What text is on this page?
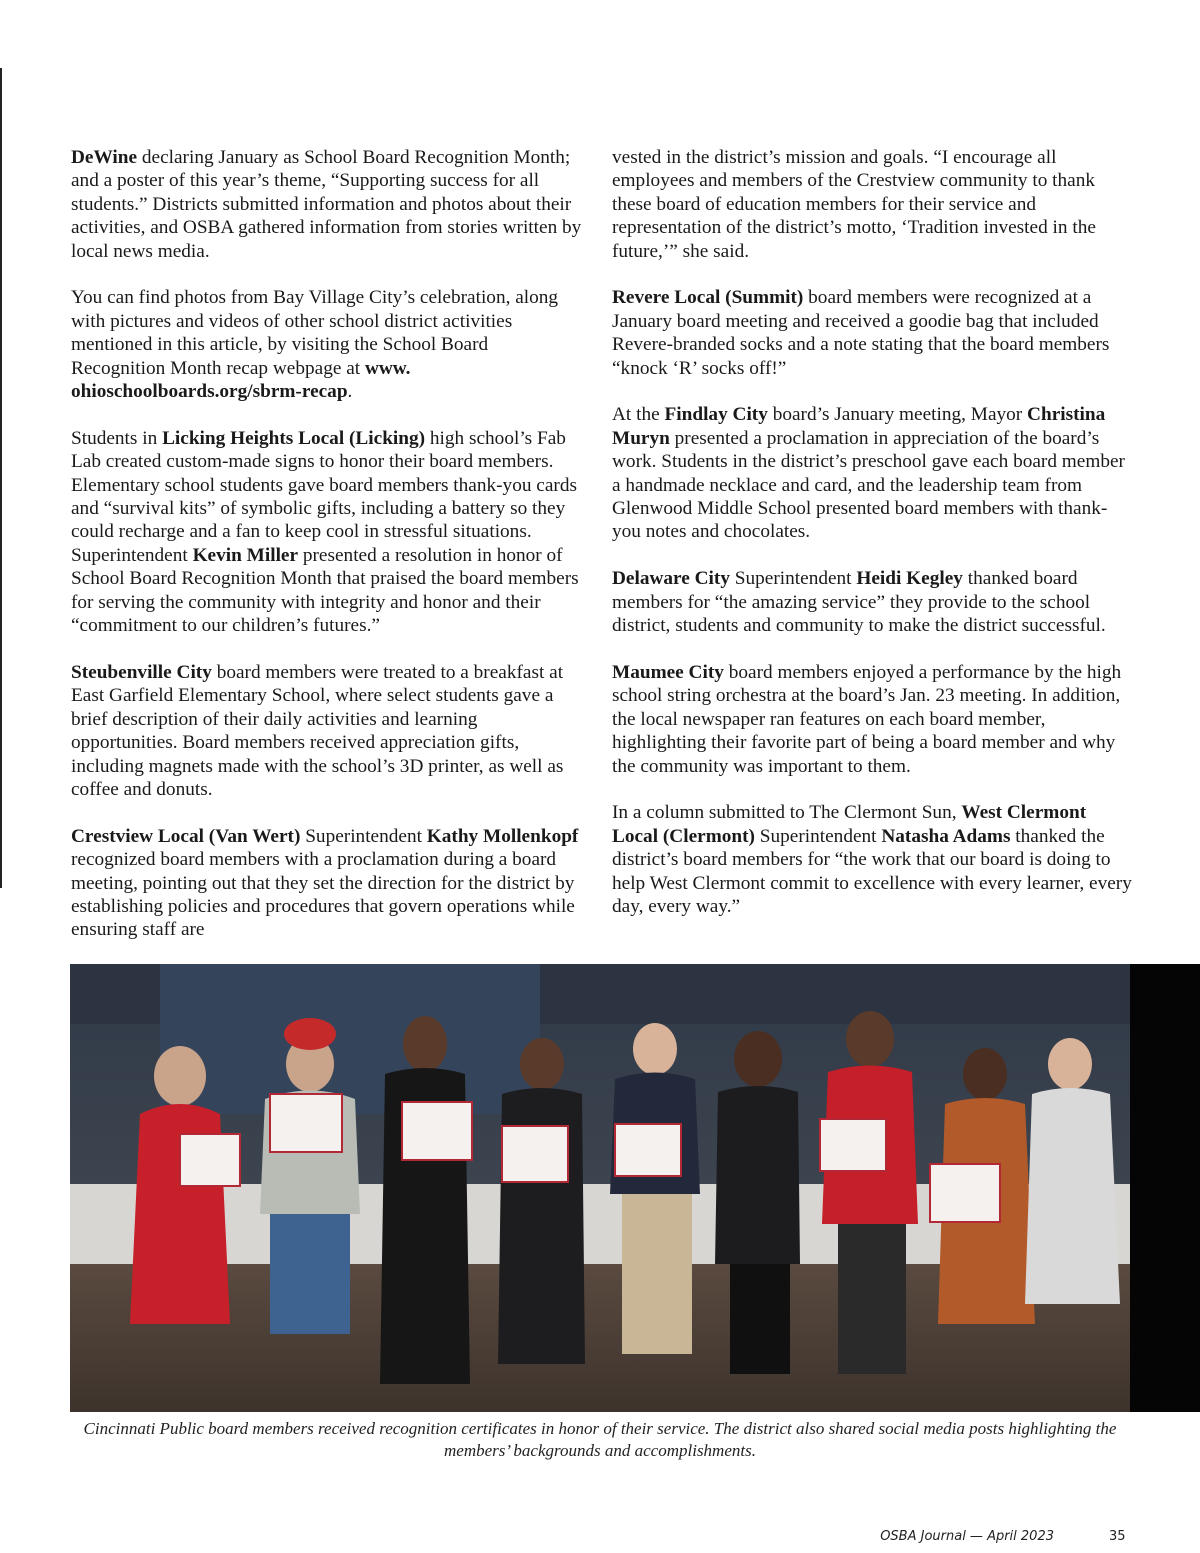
DeWine declaring January as School Board Recognition Month; and a poster of this year’s theme, “Supporting success for all students.” Districts submitted information and photos about their activities, and OSBA gathered information from stories written by local news media.

You can find photos from Bay Village City’s celebration, along with pictures and videos of other school district activities mentioned in this article, by visiting the School Board Recognition Month recap webpage at www. ohioschoolboards.org/sbrm-recap.

Students in Licking Heights Local (Licking) high school’s Fab Lab created custom-made signs to honor their board members. Elementary school students gave board members thank-you cards and “survival kits” of symbolic gifts, including a battery so they could recharge and a fan to keep cool in stressful situations. Superintendent Kevin Miller presented a resolution in honor of School Board Recognition Month that praised the board members for serving the community with integrity and honor and their “commitment to our children’s futures.”

Steubenville City board members were treated to a breakfast at East Garfield Elementary School, where select students gave a brief description of their daily activities and learning opportunities. Board members received appreciation gifts, including magnets made with the school’s 3D printer, as well as coffee and donuts.

Crestview Local (Van Wert) Superintendent Kathy Mollenkopf recognized board members with a proclamation during a board meeting, pointing out that they set the direction for the district by establishing policies and procedures that govern operations while ensuring staff are

vested in the district’s mission and goals. “I encourage all employees and members of the Crestview community to thank these board of education members for their service and representation of the district’s motto, ‘Tradition invested in the future,’” she said.

Revere Local (Summit) board members were recognized at a January board meeting and received a goodie bag that included Revere-branded socks and a note stating that the board members “knock ‘R’ socks off!”

At the Findlay City board’s January meeting, Mayor Christina Muryn presented a proclamation in appreciation of the board’s work. Students in the district’s preschool gave each board member a handmade necklace and card, and the leadership team from Glenwood Middle School presented board members with thank-you notes and chocolates.

Delaware City Superintendent Heidi Kegley thanked board members for “the amazing service” they provide to the school district, students and community to make the district successful.

Maumee City board members enjoyed a performance by the high school string orchestra at the board’s Jan. 23 meeting. In addition, the local newspaper ran features on each board member, highlighting their favorite part of being a board member and why the community was important to them.

In a column submitted to The Clermont Sun, West Clermont Local (Clermont) Superintendent Natasha Adams thanked the district’s board members for “the work that our board is doing to help West Clermont commit to excellence with every learner, every day, every way.”

Cincinnati Public board members received recognition certificates in honor of their service. The district also shared social media posts highlighting the members’ backgrounds and accomplishments.
OSBA Journal — April 2023	35
